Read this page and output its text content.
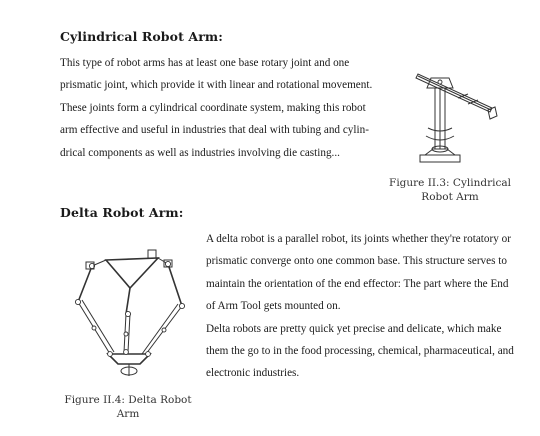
Cylindrical Robot Arm:
This type of robot arms has at least one base rotary joint and one
prismatic joint, which provide it with linear and rotational movement.
These joints form a cylindrical coordinate system, making this robot
arm effective and useful in industries that deal with tubing and cylin-
drical components as well as industries involving die casting...
Figure II.3: Cylindrical
Robot Arm
Delta Robot Arm:
Figure II.4: Delta Robot
Arm
A delta robot is a parallel robot, its joints whether they're rotatory or
prismatic converge onto one common base. This structure serves to
maintain the orientation of the end effector: The part where the End
of Arm Tool gets mounted on.
Delta robots are pretty quick yet precise and delicate, which make
them the go to in the food processing, chemical, pharmaceutical, and
electronic industries.
